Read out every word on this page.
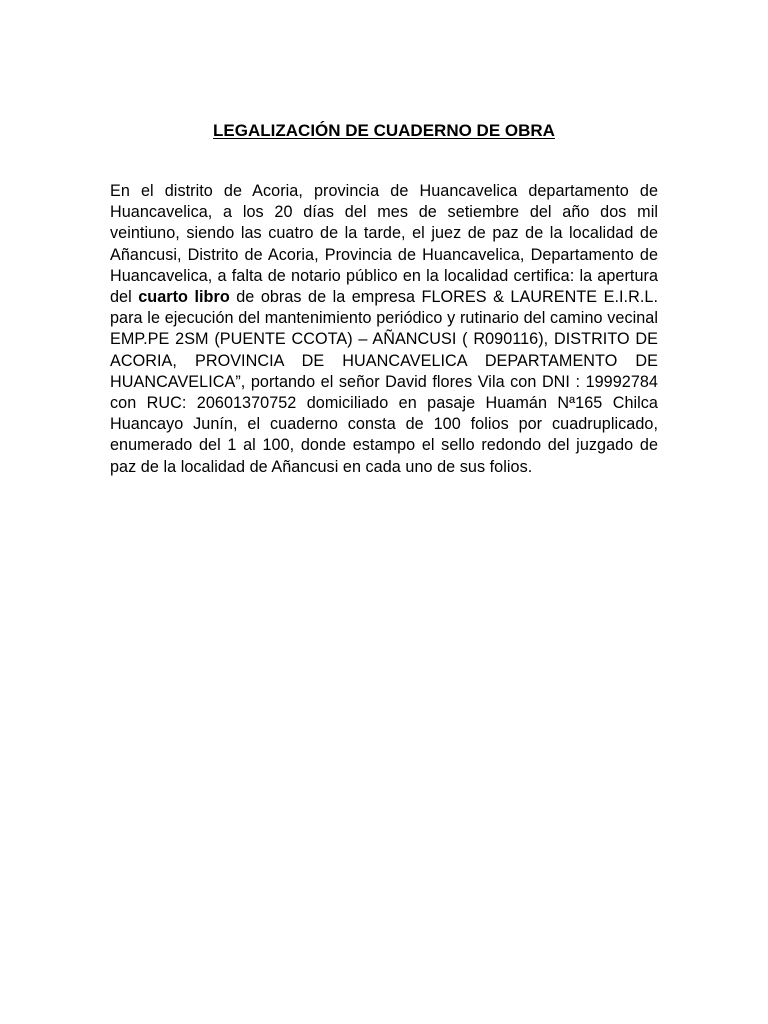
LEGALIZACIÓN DE CUADERNO DE OBRA

En el distrito de Acoria, provincia de Huancavelica departamento de Huancavelica, a los 20 días del mes de setiembre del año dos mil veintiuno, siendo las cuatro de la tarde, el juez de paz de la localidad de Añancusi, Distrito de Acoria, Provincia de Huancavelica, Departamento de Huancavelica, a falta de notario público en la localidad certifica: la apertura del cuarto libro de obras de la empresa FLORES & LAURENTE E.I.R.L. para le ejecución del mantenimiento periódico y rutinario del camino vecinal EMP.PE 2SM (PUENTE CCOTA) – AÑANCUSI ( R090116), DISTRITO DE ACORIA, PROVINCIA DE HUANCAVELICA DEPARTAMENTO DE HUANCAVELICA”, portando el señor David flores Vila con DNI : 19992784 con RUC: 20601370752 domiciliado en pasaje Huamán Nª165 Chilca Huancayo Junín, el cuaderno consta de 100 folios por cuadruplicado, enumerado del 1 al 100, donde estampo el sello redondo del juzgado de paz de la localidad de Añancusi en cada uno de sus folios.
